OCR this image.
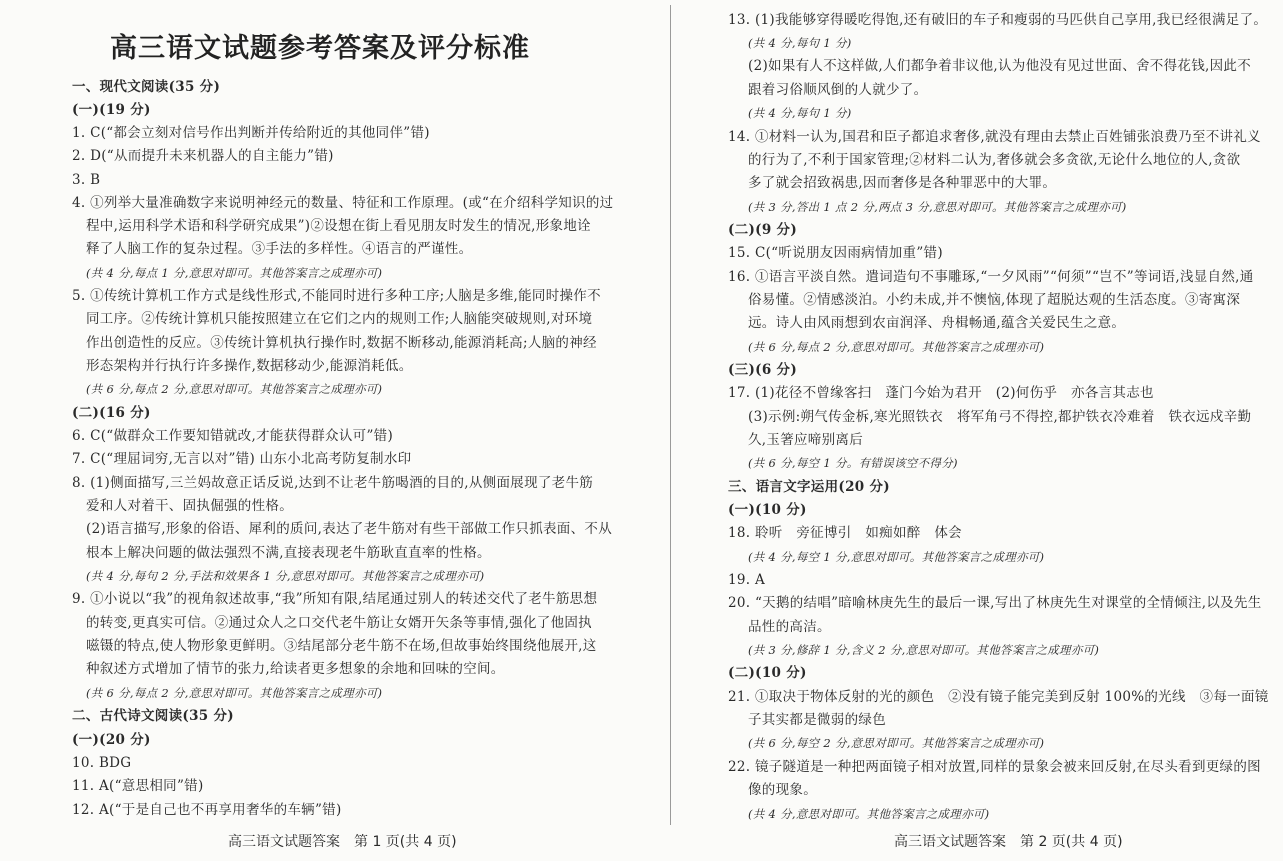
高三语文试题参考答案及评分标准
一、现代文阅读(35 分)
(一)(19 分)
1. C(“都会立刻对信号作出判断并传给附近的其他同伴”错)
2. D(“从而提升未来机器人的自主能力”错)
3. B
4. ①列举大量准确数字来说明神经元的数量、特征和工作原理。(或“在介绍科学知识的过
程中,运用科学术语和科学研究成果”)②设想在街上看见朋友时发生的情况,形象地诠
释了人脑工作的复杂过程。③手法的多样性。④语言的严谨性。
(共 4 分,每点 1 分,意思对即可。其他答案言之成理亦可)
5. ①传统计算机工作方式是线性形式,不能同时进行多种工序;人脑是多维,能同时操作不
同工序。②传统计算机只能按照建立在它们之内的规则工作;人脑能突破规则,对环境
作出创造性的反应。③传统计算机执行操作时,数据不断移动,能源消耗高;人脑的神经
形态架构并行执行许多操作,数据移动少,能源消耗低。
(共 6 分,每点 2 分,意思对即可。其他答案言之成理亦可)
(二)(16 分)
6. C(“做群众工作要知错就改,才能获得群众认可”错)
7. C(“理屈词穷,无言以对”错) 山东小北高考防复制水印
8. (1)侧面描写,三兰妈故意正话反说,达到不让老牛筋喝酒的目的,从侧面展现了老牛筋
爱和人对着干、固执倔强的性格。
(2)语言描写,形象的俗语、犀利的质问,表达了老牛筋对有些干部做工作只抓表面、不从
根本上解决问题的做法强烈不满,直接表现老牛筋耿直直率的性格。
(共 4 分,每句 2 分,手法和效果各 1 分,意思对即可。其他答案言之成理亦可)
9. ①小说以“我”的视角叙述故事,“我”所知有限,结尾通过别人的转述交代了老牛筋思想
的转变,更真实可信。②通过众人之口交代老牛筋让女婿开矢条等事情,强化了他固执
嗞镊的特点,使人物形象更鲜明。③结尾部分老牛筋不在场,但故事始终围绕他展开,这
种叙述方式增加了情节的张力,给读者更多想象的余地和回味的空间。
(共 6 分,每点 2 分,意思对即可。其他答案言之成理亦可)
二、古代诗文阅读(35 分)
(一)(20 分)
10. BDG
11. A(“意思相同”错)
12. A(“于是自己也不再享用奢华的车辆”错)
高三语文试题答案　第 1 页(共 4 页)
13. (1)我能够穿得暖吃得饱,还有破旧的车子和瘦弱的马匹供自己享用,我已经很满足了。
(共 4 分,每句 1 分)
(2)如果有人不这样做,人们都争着非议他,认为他没有见过世面、舍不得花钱,因此不
跟着习俗顺风倒的人就少了。
(共 4 分,每句 1 分)
14. ①材料一认为,国君和臣子都追求奢侈,就没有理由去禁止百姓铺张浪费乃至不讲礼义
的行为了,不利于国家管理;②材料二认为,奢侈就会多贪欲,无论什么地位的人,贪欲
多了就会招致祸患,因而奢侈是各种罪恶中的大罪。
(共 3 分,答出 1 点 2 分,两点 3 分,意思对即可。其他答案言之成理亦可)
(二)(9 分)
15. C(“听说朋友因雨病情加重”错)
16. ①语言平淡自然。遣词造句不事雕琢,“一夕风雨”“何须”“岂不”等词语,浅显自然,通
俗易懂。②情感淡泊。小约未成,并不懊恼,体现了超脱达观的生活态度。③寄寓深
远。诗人由风雨想到农亩润泽、舟楫畅通,蕴含关爱民生之意。
(共 6 分,每点 2 分,意思对即可。其他答案言之成理亦可)
(三)(6 分)
17. (1)花径不曾缘客扫　蓬门今始为君开　(2)何伤乎　亦各言其志也
(3)示例:朔气传金柝,寒光照铁衣　将军角弓不得控,都护铁衣冷难着　铁衣远戍辛勤
久,玉箸应啼别离后
(共 6 分,每空 1 分。有错误该空不得分)
三、语言文字运用(20 分)
(一)(10 分)
18. 聆听　旁征博引　如痴如醉　体会
(共 4 分,每空 1 分,意思对即可。其他答案言之成理亦可)
19. A
20. “天鹅的结唱”暗喻林庚先生的最后一课,写出了林庚先生对课堂的全情倾注,以及先生
品性的高洁。
(共 3 分,修辞 1 分,含义 2 分,意思对即可。其他答案言之成理亦可)
(二)(10 分)
21. ①取决于物体反射的光的颜色　②没有镜子能完美到反射 100%的光线　③每一面镜
子其实都是微弱的绿色
(共 6 分,每空 2 分,意思对即可。其他答案言之成理亦可)
22. 镜子隧道是一种把两面镜子相对放置,同样的景象会被来回反射,在尽头看到更绿的图
像的现象。
(共 4 分,意思对即可。其他答案言之成理亦可)
高三语文试题答案　第 2 页(共 4 页)
